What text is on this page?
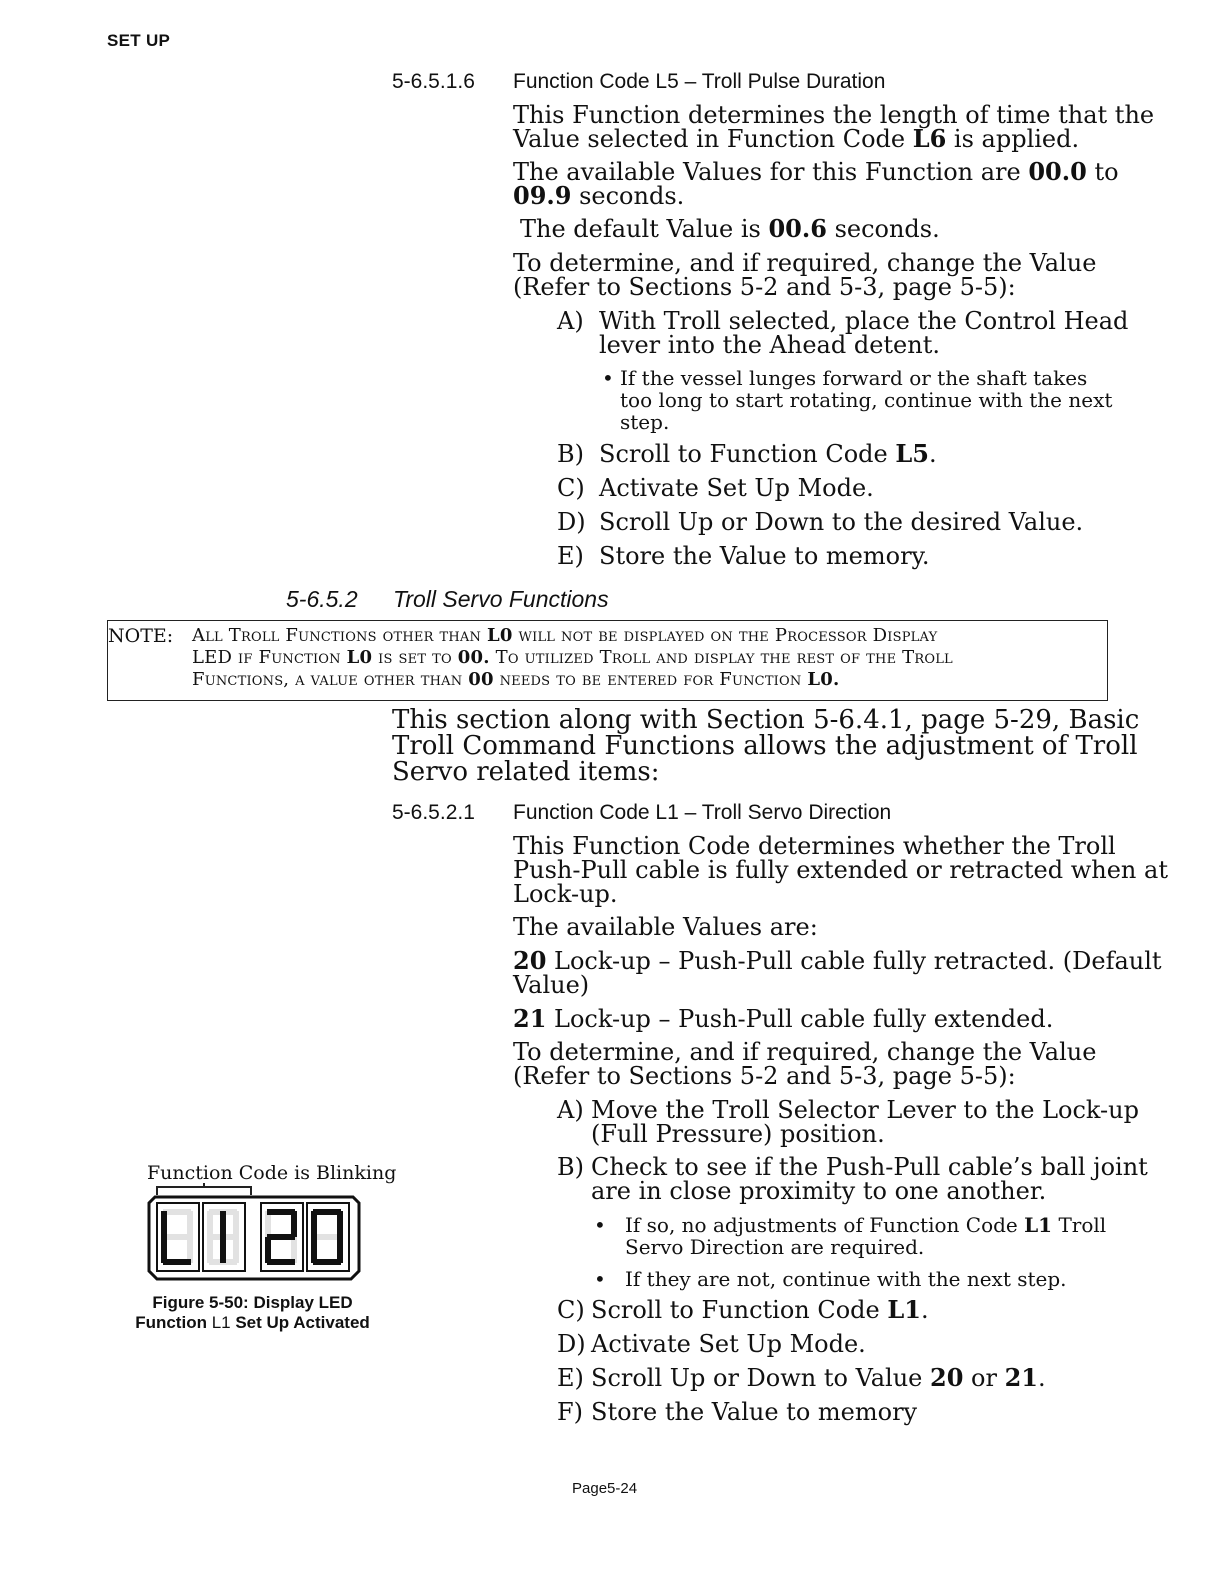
SET UP
5-6.5.1.6 Function Code L5 – Troll Pulse Duration
This Function determines the length of time that the
Value selected in Function Code L6 is applied.
The available Values for this Function are 00.0 to
09.9 seconds.
The default Value is 00.6 seconds.
To determine, and if required, change the Value
(Refer to Sections 5-2 and 5-3, page 5-5):
A) With Troll selected, place the Control Head
lever into the Ahead detent.
• If the vessel lunges forward or the shaft takes
too long to start rotating, continue with the next
step.
B) Scroll to Function Code L5.
C) Activate Set Up Mode.
D) Scroll Up or Down to the desired Value.
E) Store the Value to memory.
5-6.5.2 Troll Servo Functions
NOTE: All Troll Functions other than L0 will not be displayed on the Processor Display
LED if Function L0 is set to 00. To utilized Troll and display the rest of the Troll
Functions, a value other than 00 needs to be entered for Function L0.
This section along with Section 5-6.4.1, page 5-29, Basic
Troll Command Functions allows the adjustment of Troll
Servo related items:
5-6.5.2.1 Function Code L1 – Troll Servo Direction
This Function Code determines whether the Troll
Push-Pull cable is fully extended or retracted when at
Lock-up.
The available Values are:
20 Lock-up – Push-Pull cable fully retracted. (Default
Value)
21 Lock-up – Push-Pull cable fully extended.
To determine, and if required, change the Value
(Refer to Sections 5-2 and 5-3, page 5-5):
A) Move the Troll Selector Lever to the Lock-up
(Full Pressure) position.
B) Check to see if the Push-Pull cable’s ball joint
are in close proximity to one another.
• If so, no adjustments of Function Code L1 Troll
Servo Direction are required.
• If they are not, continue with the next step.
C) Scroll to Function Code L1.
D) Activate Set Up Mode.
E) Scroll Up or Down to Value 20 or 21.
F) Store the Value to memory
Function Code is Blinking
Figure 5-50: Display LED
Function L1 Set Up Activated
Page5-24
